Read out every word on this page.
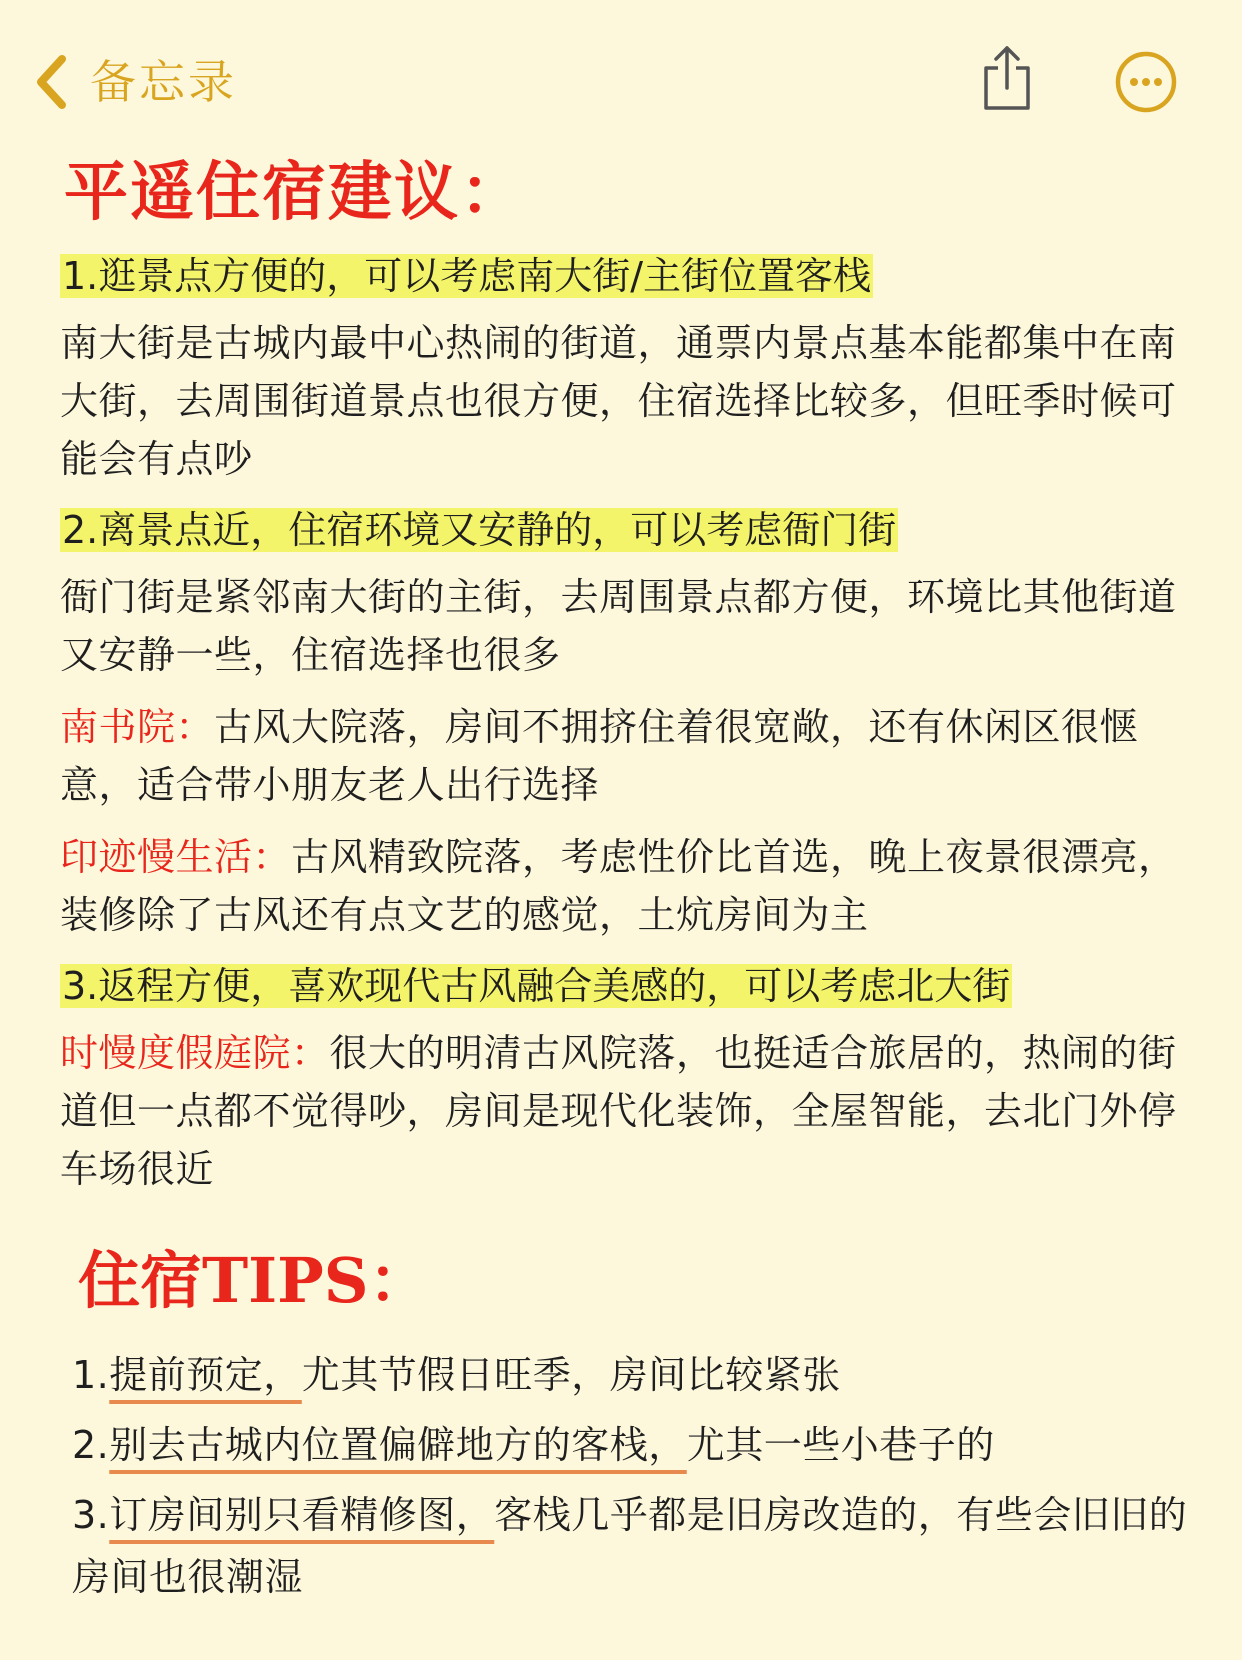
备忘录
平遥住宿建议：
1.逛景点方便的，可以考虑南大街/主街位置客栈
南大街是古城内最中心热闹的街道，通票内景点基本能都集中在南大街，去周围街道景点也很方便，住宿选择比较多，但旺季时候可能会有点吵
2.离景点近，住宿环境又安静的，可以考虑衙门街
衙门街是紧邻南大街的主街，去周围景点都方便，环境比其他街道又安静一些，住宿选择也很多
南书院：古风大院落，房间不拥挤住着很宽敞，还有休闲区很惬意，适合带小朋友老人出行选择
印迹慢生活：古风精致院落，考虑性价比首选，晚上夜景很漂亮，装修除了古风还有点文艺的感觉，土炕房间为主
3.返程方便，喜欢现代古风融合美感的，可以考虑北大街
时慢度假庭院：很大的明清古风院落，也挺适合旅居的，热闹的街道但一点都不觉得吵，房间是现代化装饰，全屋智能，去北门外停车场很近
住宿TIPS：
1.提前预定，尤其节假日旺季，房间比较紧张
2.别去古城内位置偏僻地方的客栈，尤其一些小巷子的
3.订房间别只看精修图，客栈几乎都是旧房改造的，有些会旧旧的房间也很潮湿
